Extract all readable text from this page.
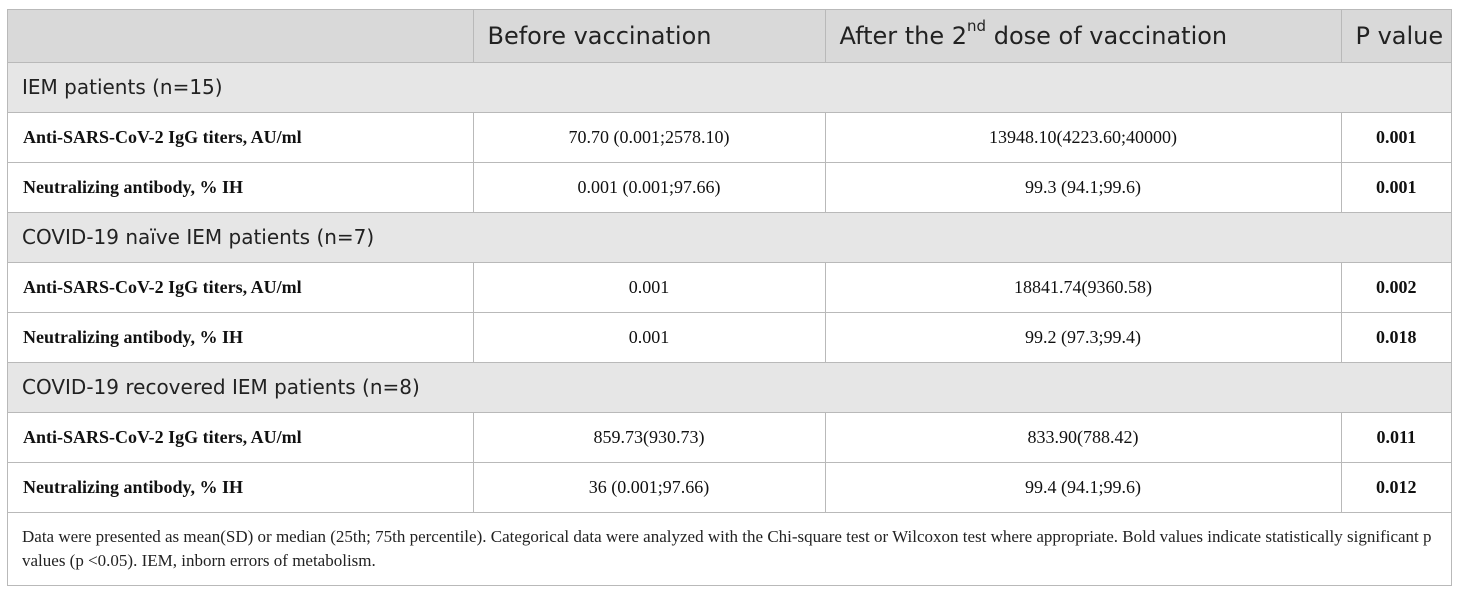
	Before vaccination	After the 2nd dose of vaccination	P value
IEM patients (n=15)			
Anti-SARS-CoV-2 IgG titers, AU/ml	70.70 (0.001;2578.10)	13948.10(4223.60;40000)	0.001
Neutralizing antibody, % IH	0.001 (0.001;97.66)	99.3 (94.1;99.6)	0.001
COVID-19 naïve IEM patients (n=7)			
Anti-SARS-CoV-2 IgG titers, AU/ml	0.001	18841.74(9360.58)	0.002
Neutralizing antibody, % IH	0.001	99.2 (97.3;99.4)	0.018
COVID-19 recovered IEM patients (n=8)			
Anti-SARS-CoV-2 IgG titers, AU/ml	859.73(930.73)	833.90(788.42)	0.011
Neutralizing antibody, % IH	36 (0.001;97.66)	99.4 (94.1;99.6)	0.012
Data were presented as mean(SD) or median (25th; 75th percentile). Categorical data were analyzed with the Chi-square test or Wilcoxon test where appropriate. Bold values indicate statistically significant p values (p <0.05). IEM, inborn errors of metabolism.			
